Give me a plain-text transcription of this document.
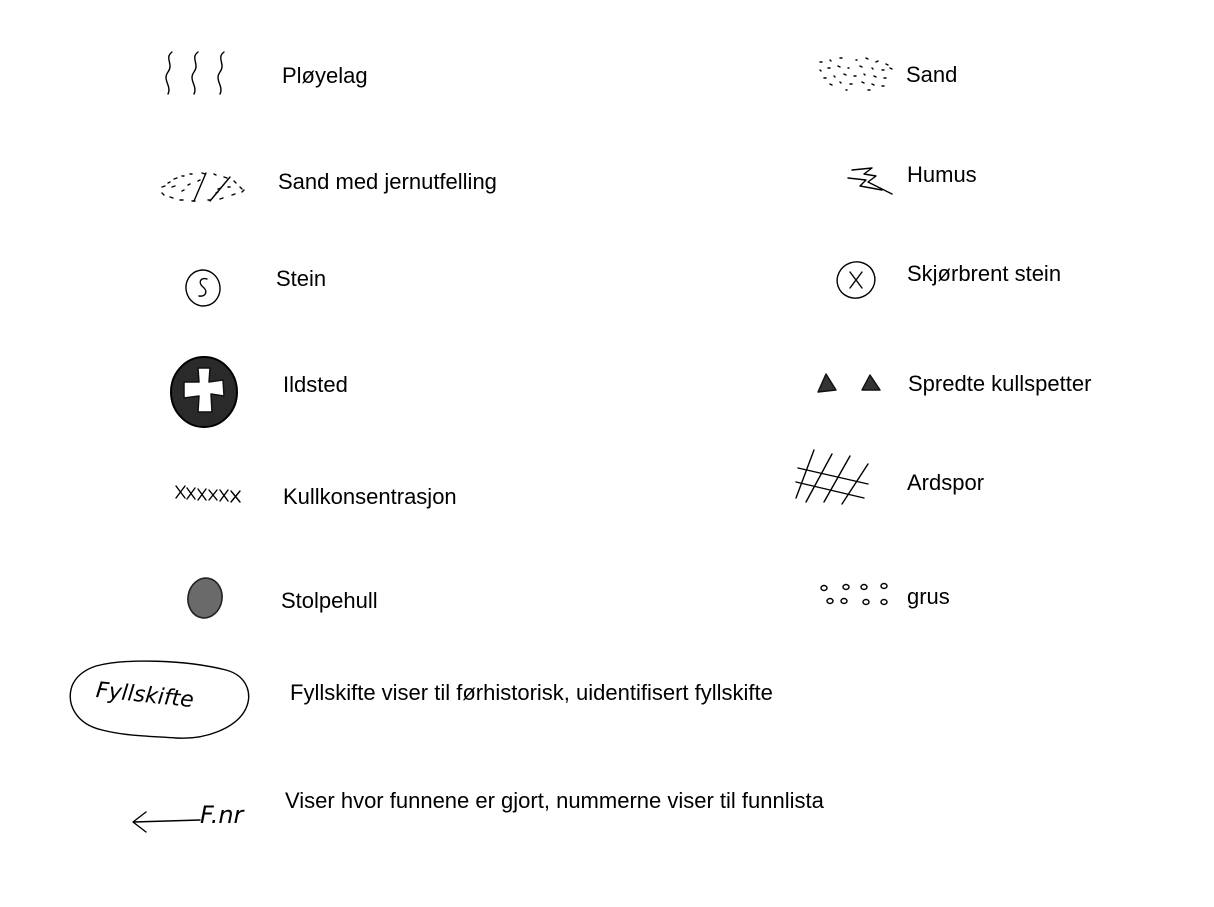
Pløyelag
Sand med jernutfelling
Stein
Ildsted
Kullkonsentrasjon
Stolpehull
Sand
Humus
Skjørbrent stein
Spredte kullspetter
Ardspor
grus
Fyllskifte	Fyllskifte viser til førhistorisk, uidentifisert fyllskifte
F.nr
Viser hvor funnene er gjort, nummerne viser til funnlista
